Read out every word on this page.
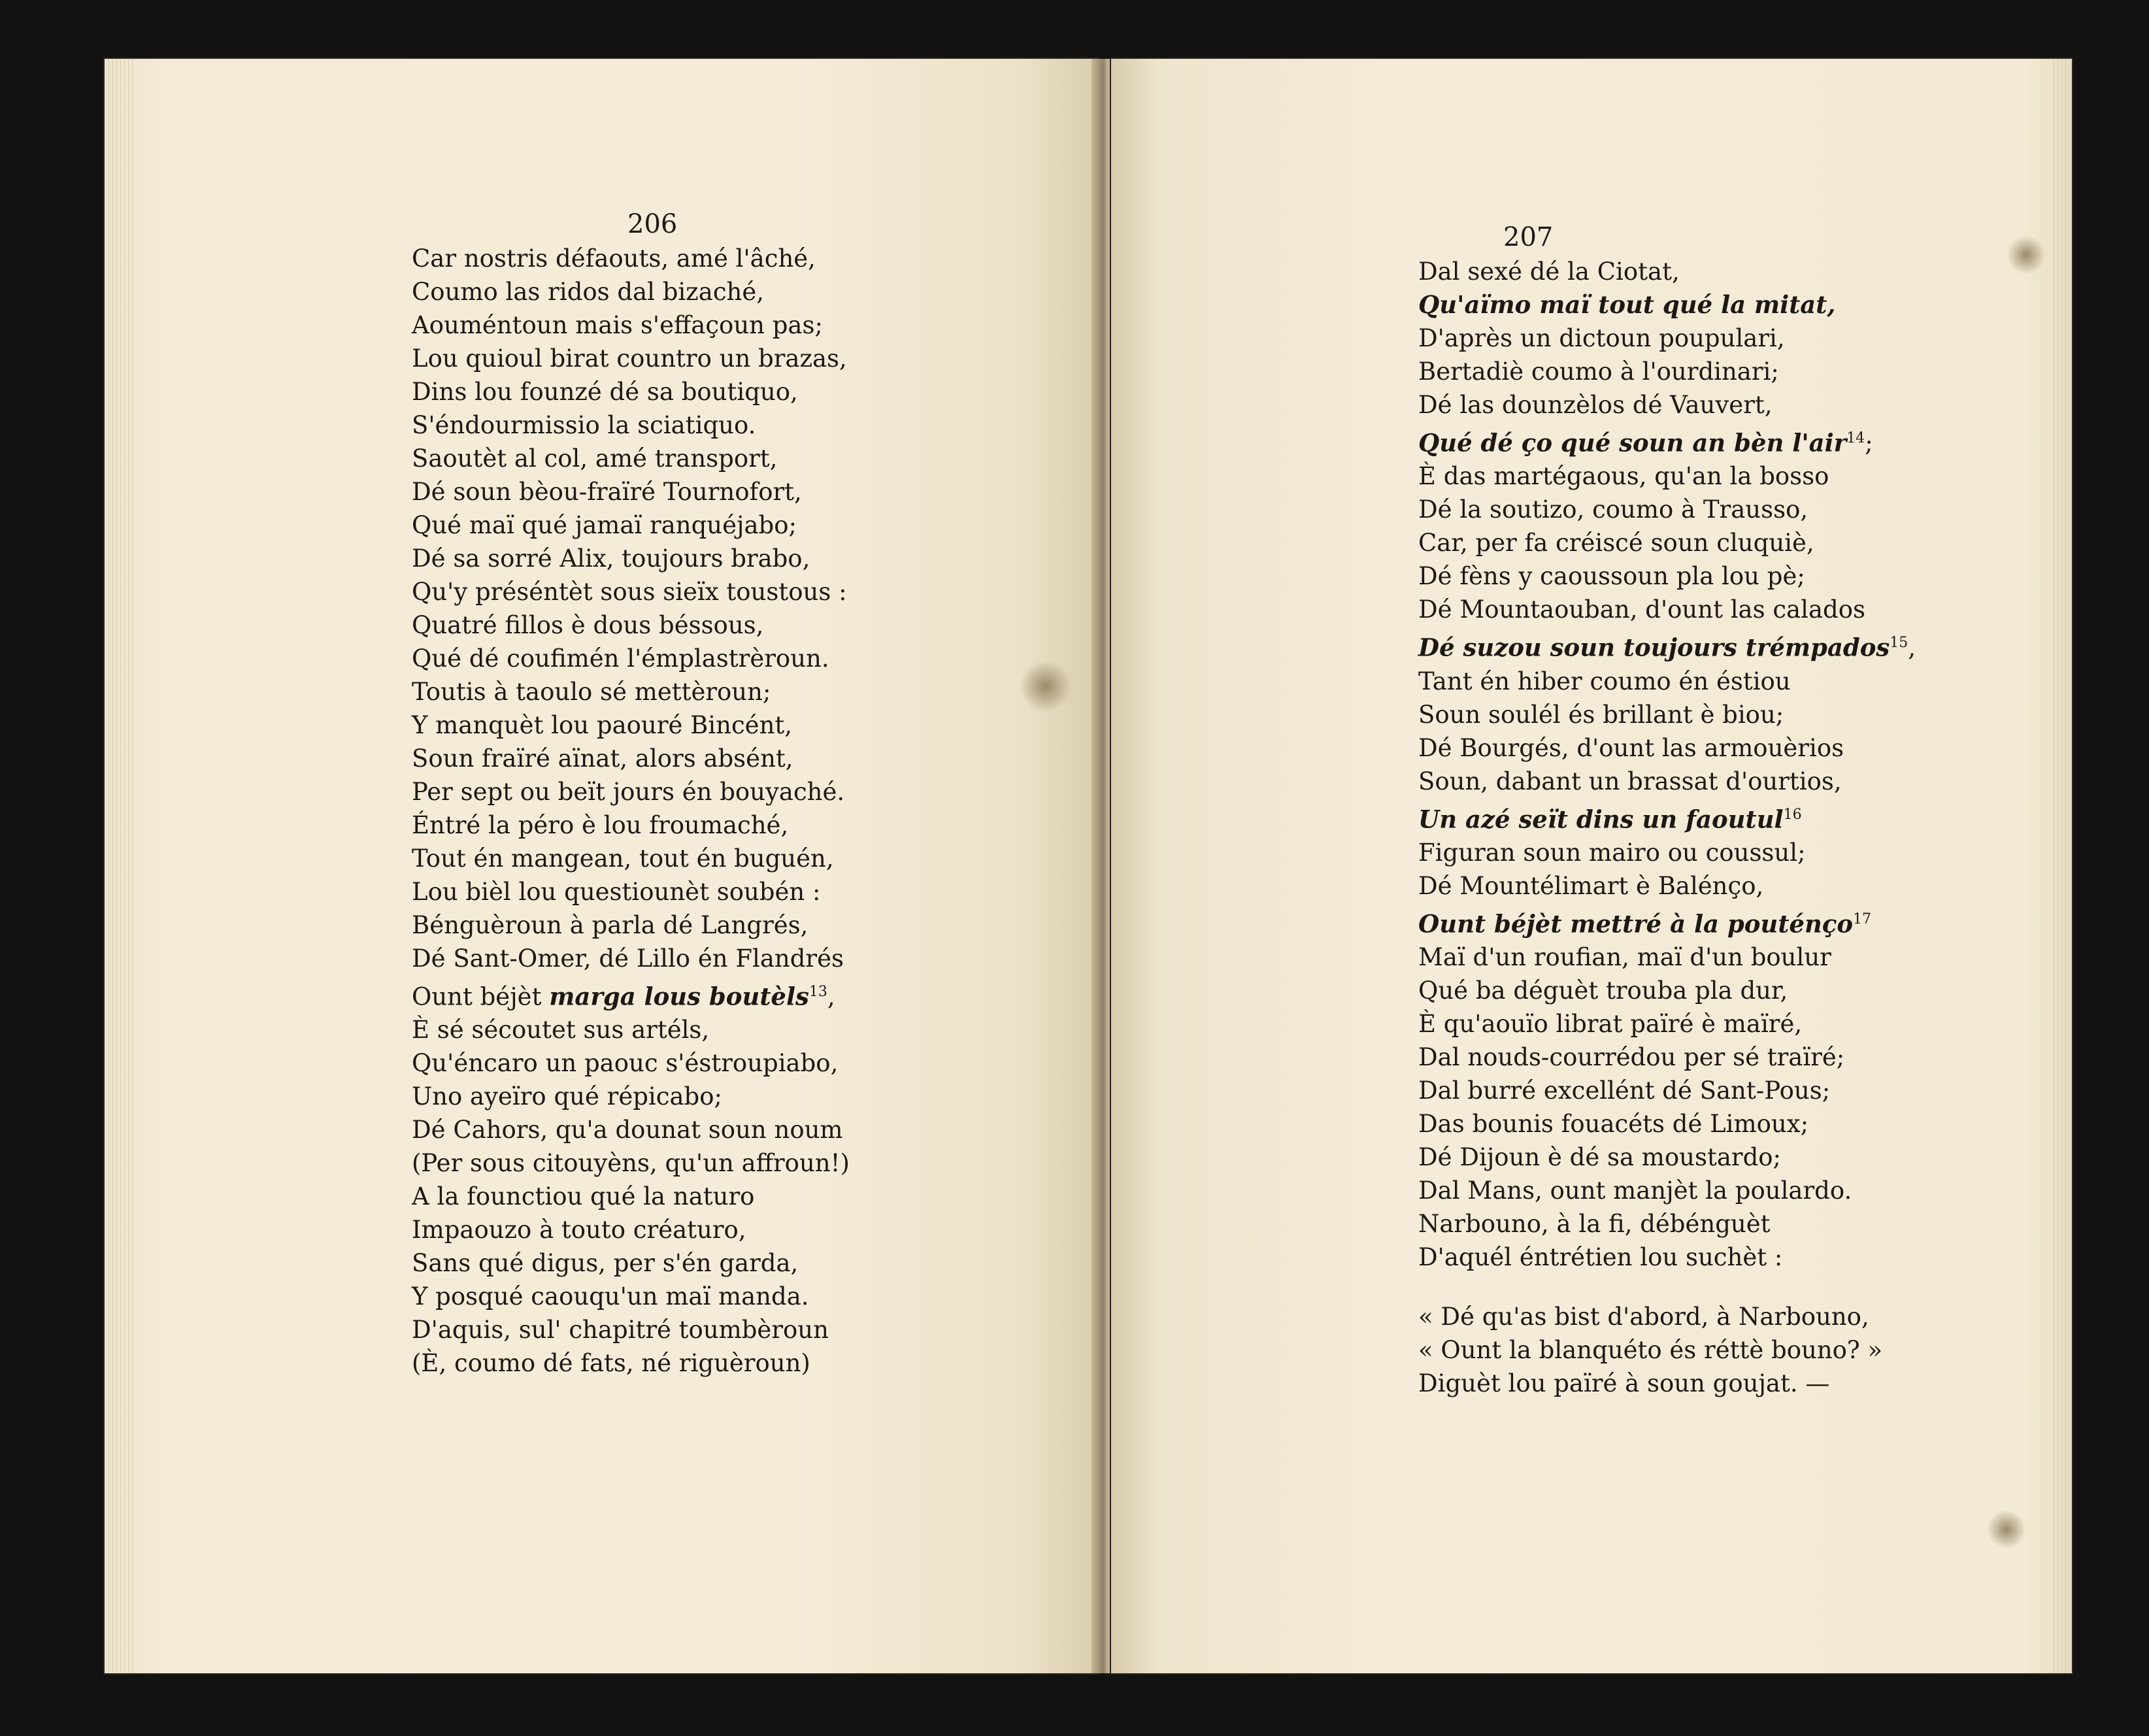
206
Car nostris défaouts, amé l'âché,
Coumo las ridos dal bizaché,
Aouméntoun mais s'effaçoun pas;
Lou quioul birat countro un brazas,
Dins lou founzé dé sa boutiquo,
S'éndourmissio la sciatiquo.
Saoutèt al col, amé transport,
Dé soun bèou-fraïré Tournofort,
Qué maï qué jamaï ranquéjabo;
Dé sa sorré Alix, toujours brabo,
Qu'y préséntèt sous sieïx toustous :
Quatré fillos è dous béssous,
Qué dé coufimén l'émplastrèroun.
Toutis à taoulo sé mettèroun;
Y manquèt lou paouré Bincént,
Soun fraïré aïnat, alors absént,
Per sept ou beït jours én bouyaché.
Éntré la péro è lou froumaché,
Tout én mangean, tout én buguén,
Lou bièl lou questiounèt soubén :
Bénguèroun à parla dé Langrés,
Dé Sant-Omer, dé Lillo én Flandrés
Ount béjèt marga lous boutèls$^{13}$,
È sé sécoutet sus artéls,
Qu'éncaro un paouc s'éstroupiabo,
Uno ayeïro qué répicabo;
Dé Cahors, qu'a dounat soun noum
(Per sous citouyèns, qu'un affroun!)
A la founctiou qué la naturo
Impaouzo à touto créaturo,
Sans qué digus, per s'én garda,
Y posqué caouqu'un maï manda.
D'aquis, sul' chapitré toumbèroun
(È, coumo dé fats, né riguèroun)
207
Dal sexé dé la Ciotat,
Qu'aïmo maï tout qué la mitat,
D'après un dictoun poupulari,
Bertadiè coumo à l'ourdinari;
Dé las dounzèlos dé Vauvert,
Qué dé ço qué soun an bèn l'air$^{14}$;
È das martégaous, qu'an la bosso
Dé la soutizo, coumo à Trausso,
Car, per fa créiscé soun cluquiè,
Dé fèns y caoussoun pla lou pè;
Dé Mountaouban, d'ount las calados
Dé suzou soun toujours trémpados$^{15}$,
Tant én hiber coumo én éstiou
Soun soulél és brillant è biou;
Dé Bourgés, d'ount las armouèrios
Soun, dabant un brassat d'ourtios,
Un azé seït dins un faoutul$^{16}$
Figuran soun mairo ou coussul;
Dé Mountélimart è Balénço,
Ount béjèt mettré à la pouténço$^{17}$
Maï d'un roufian, maï d'un boulur
Qué ba déguèt trouba pla dur,
È qu'aouïo librat païré è maïré,
Dal nouds-courrédou per sé traïré;
Dal burré excellént dé Sant-Pous;
Das bounis fouacéts dé Limoux;
Dé Dijoun è dé sa moustardo;
Dal Mans, ount manjèt la poulardo.
Narbouno, à la fi, débénguèt
D'aquél éntrétien lou suchèt :
« Dé qu'as bist d'abord, à Narbouno,
« Ount la blanquéto és réttè bouno? »
Diguèt lou païré à soun goujat. —
